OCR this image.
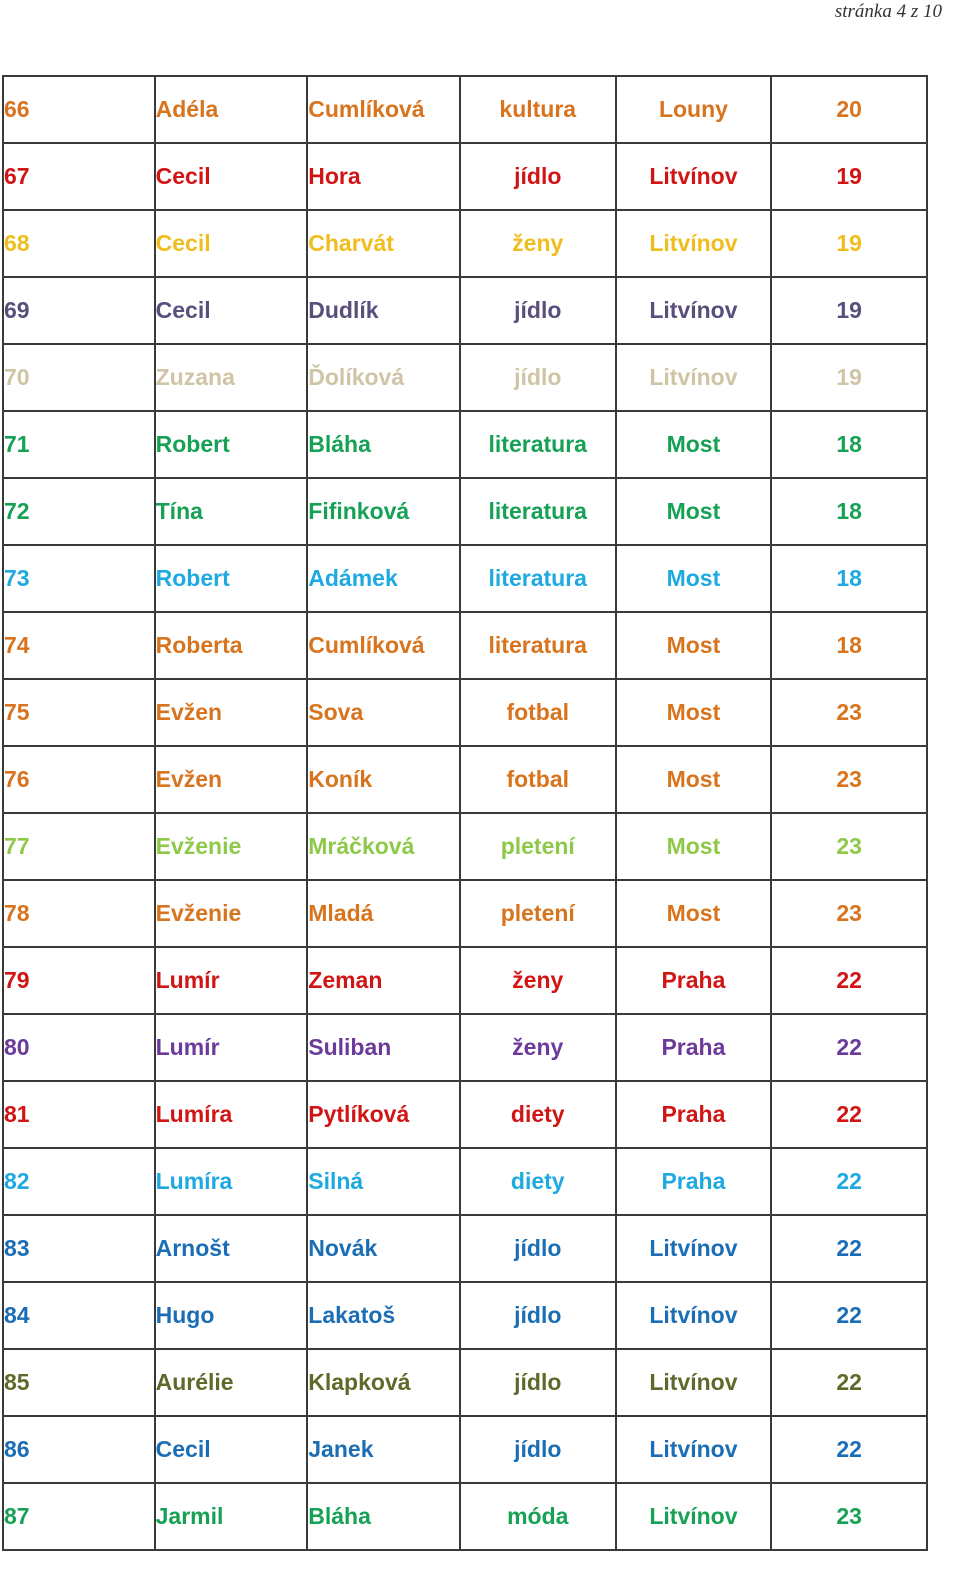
stránka 4 z 10
66	Adéla	Cumlíková	kultura	Louny	20
67	Cecil	Hora	jídlo	Litvínov	19
68	Cecil	Charvát	ženy	Litvínov	19
69	Cecil	Dudlík	jídlo	Litvínov	19
70	Zuzana	Ďolíková	jídlo	Litvínov	19
71	Robert	Bláha	literatura	Most	18
72	Tína	Fifinková	literatura	Most	18
73	Robert	Adámek	literatura	Most	18
74	Roberta	Cumlíková	literatura	Most	18
75	Evžen	Sova	fotbal	Most	23
76	Evžen	Koník	fotbal	Most	23
77	Evženie	Mráčková	pletení	Most	23
78	Evženie	Mladá	pletení	Most	23
79	Lumír	Zeman	ženy	Praha	22
80	Lumír	Suliban	ženy	Praha	22
81	Lumíra	Pytlíková	diety	Praha	22
82	Lumíra	Silná	diety	Praha	22
83	Arnošt	Novák	jídlo	Litvínov	22
84	Hugo	Lakatoš	jídlo	Litvínov	22
85	Aurélie	Klapková	jídlo	Litvínov	22
86	Cecil	Janek	jídlo	Litvínov	22
87	Jarmil	Bláha	móda	Litvínov	23
